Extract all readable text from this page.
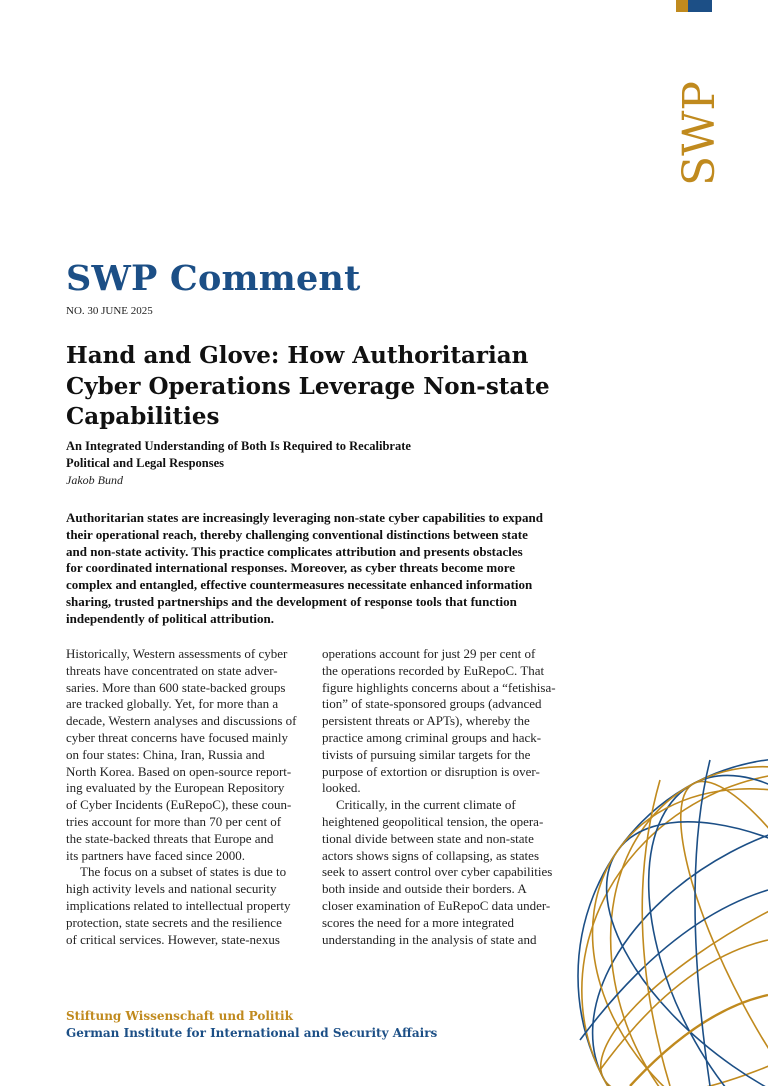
SWP
SWP Comment
NO. 30 JUNE 2025
Hand and Glove: How Authoritarian
Cyber Operations Leverage Non-state
Capabilities
An Integrated Understanding of Both Is Required to Recalibrate
Political and Legal Responses
Jakob Bund

Authoritarian states are increasingly leveraging non-state cyber capabilities to expand
their operational reach, thereby challenging conventional distinctions between state
and non-state activity. This practice complicates attribution and presents obstacles
for coordinated international responses. Moreover, as cyber threats become more
complex and entangled, effective countermeasures necessitate enhanced information
sharing, trusted partnerships and the development of response tools that function
independently of political attribution.

Historically, Western assessments of cyber
threats have concentrated on state adver-
saries. More than 600 state-backed groups
are tracked globally. Yet, for more than a
decade, Western analyses and discussions of
cyber threat concerns have focused mainly
on four states: China, Iran, Russia and
North Korea. Based on open-source report-
ing evaluated by the European Repository
of Cyber Incidents (EuRepoC), these coun-
tries account for more than 70 per cent of
the state-backed threats that Europe and
its partners have faced since 2000.

The focus on a subset of states is due to
high activity levels and national security
implications related to intellectual property
protection, state secrets and the resilience
of critical services. However, state-nexus

operations account for just 29 per cent of
the operations recorded by EuRepoC. That
figure highlights concerns about a “fetishisa-
tion” of state-sponsored groups (advanced
persistent threats or APTs), whereby the
practice among criminal groups and hack-
tivists of pursuing similar targets for the
purpose of extortion or disruption is over-
looked.

Critically, in the current climate of
heightened geopolitical tension, the opera-
tional divide between state and non-state
actors shows signs of collapsing, as states
seek to assert control over cyber capabilities
both inside and outside their borders. A
closer examination of EuRepoC data under-
scores the need for a more integrated
understanding in the analysis of state and

Stiftung Wissenschaft und Politik
German Institute for International and Security Affairs
